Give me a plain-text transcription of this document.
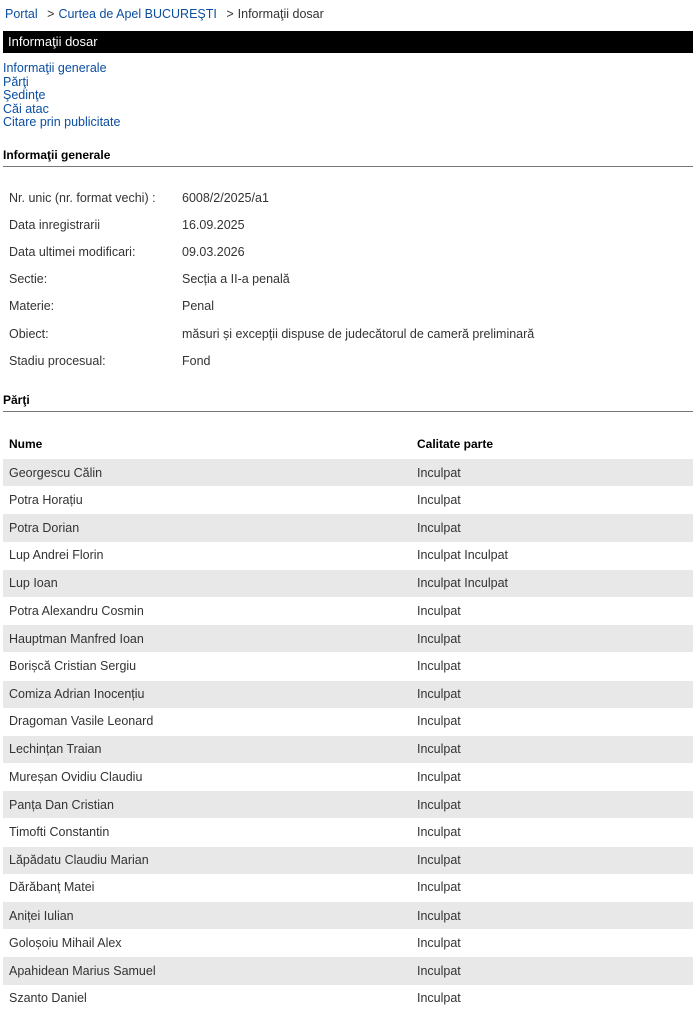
Portal > Curtea de Apel BUCUREŞTI > Informaţii dosar
Informaţii dosar
Informaţii generale
Părţi
Şedinţe
Căi atac
Citare prin publicitate
Informaţii generale
Nr. unic (nr. format vechi) :	6008/2/2025/a1
Data inregistrarii	16.09.2025
Data ultimei modificari:	09.03.2026
Sectie:	Secția a II-a penală
Materie:	Penal
Obiect:	măsuri și excepții dispuse de judecătorul de cameră preliminară
Stadiu procesual:	Fond
Părţi
Nume	Calitate parte
Georgescu Călin	Inculpat
Potra Horațiu	Inculpat
Potra Dorian	Inculpat
Lup Andrei Florin	Inculpat Inculpat
Lup Ioan	Inculpat Inculpat
Potra Alexandru Cosmin	Inculpat
Hauptman Manfred Ioan	Inculpat
Borișcă Cristian Sergiu	Inculpat
Comiza Adrian Inocențiu	Inculpat
Dragoman Vasile Leonard	Inculpat
Lechințan Traian	Inculpat
Mureșan Ovidiu Claudiu	Inculpat
Panța Dan Cristian	Inculpat
Timofti Constantin	Inculpat
Lăpădatu Claudiu Marian	Inculpat
Dărăbanț Matei	Inculpat
Aniței Iulian	Inculpat
Goloșoiu Mihail Alex	Inculpat
Apahidean Marius Samuel	Inculpat
Szanto Daniel	Inculpat
